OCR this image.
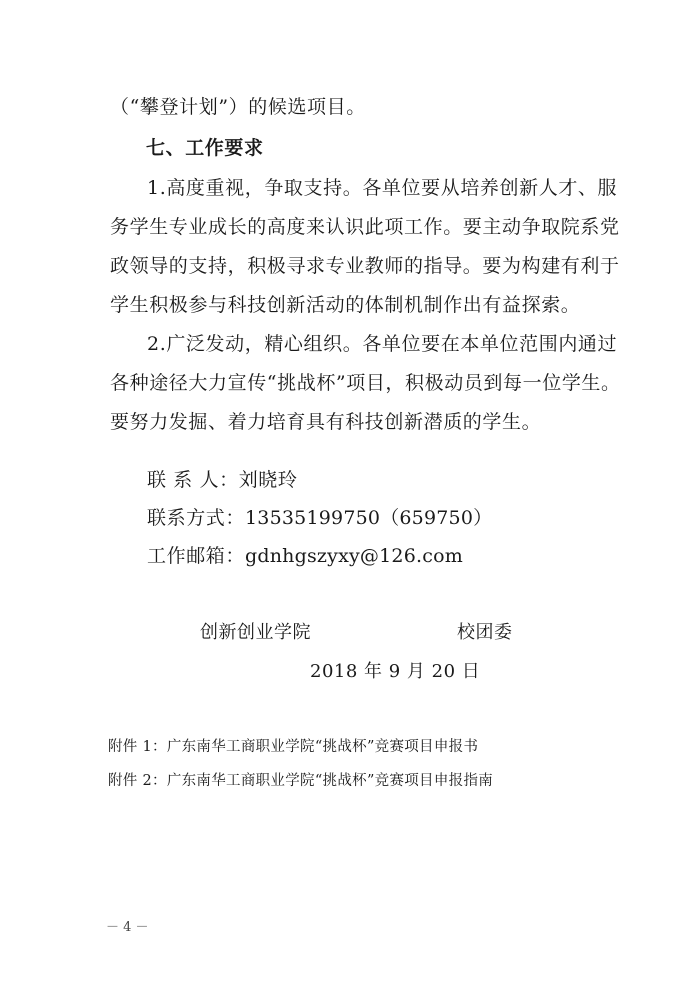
（“攀登计划”）的候选项目。

七、工作要求

1.高度重视，争取支持。各单位要从培养创新人才、服

务学生专业成长的高度来认识此项工作。要主动争取院系党

政领导的支持，积极寻求专业教师的指导。要为构建有利于

学生积极参与科技创新活动的体制机制作出有益探索。

2.广泛发动，精心组织。各单位要在本单位范围内通过

各种途径大力宣传“挑战杯”项目，积极动员到每一位学生。

要努力发掘、着力培育具有科技创新潜质的学生。

联 系 人：刘晓玲

联系方式：13535199750（659750）

工作邮箱：gdnhgszyxy@126.com

创新创业学院	校团委
2018 年 9 月 20 日
附件 1：广东南华工商职业学院“挑战杯”竞赛项目申报书
附件 2：广东南华工商职业学院“挑战杯”竞赛项目申报指南
－ 4 －
